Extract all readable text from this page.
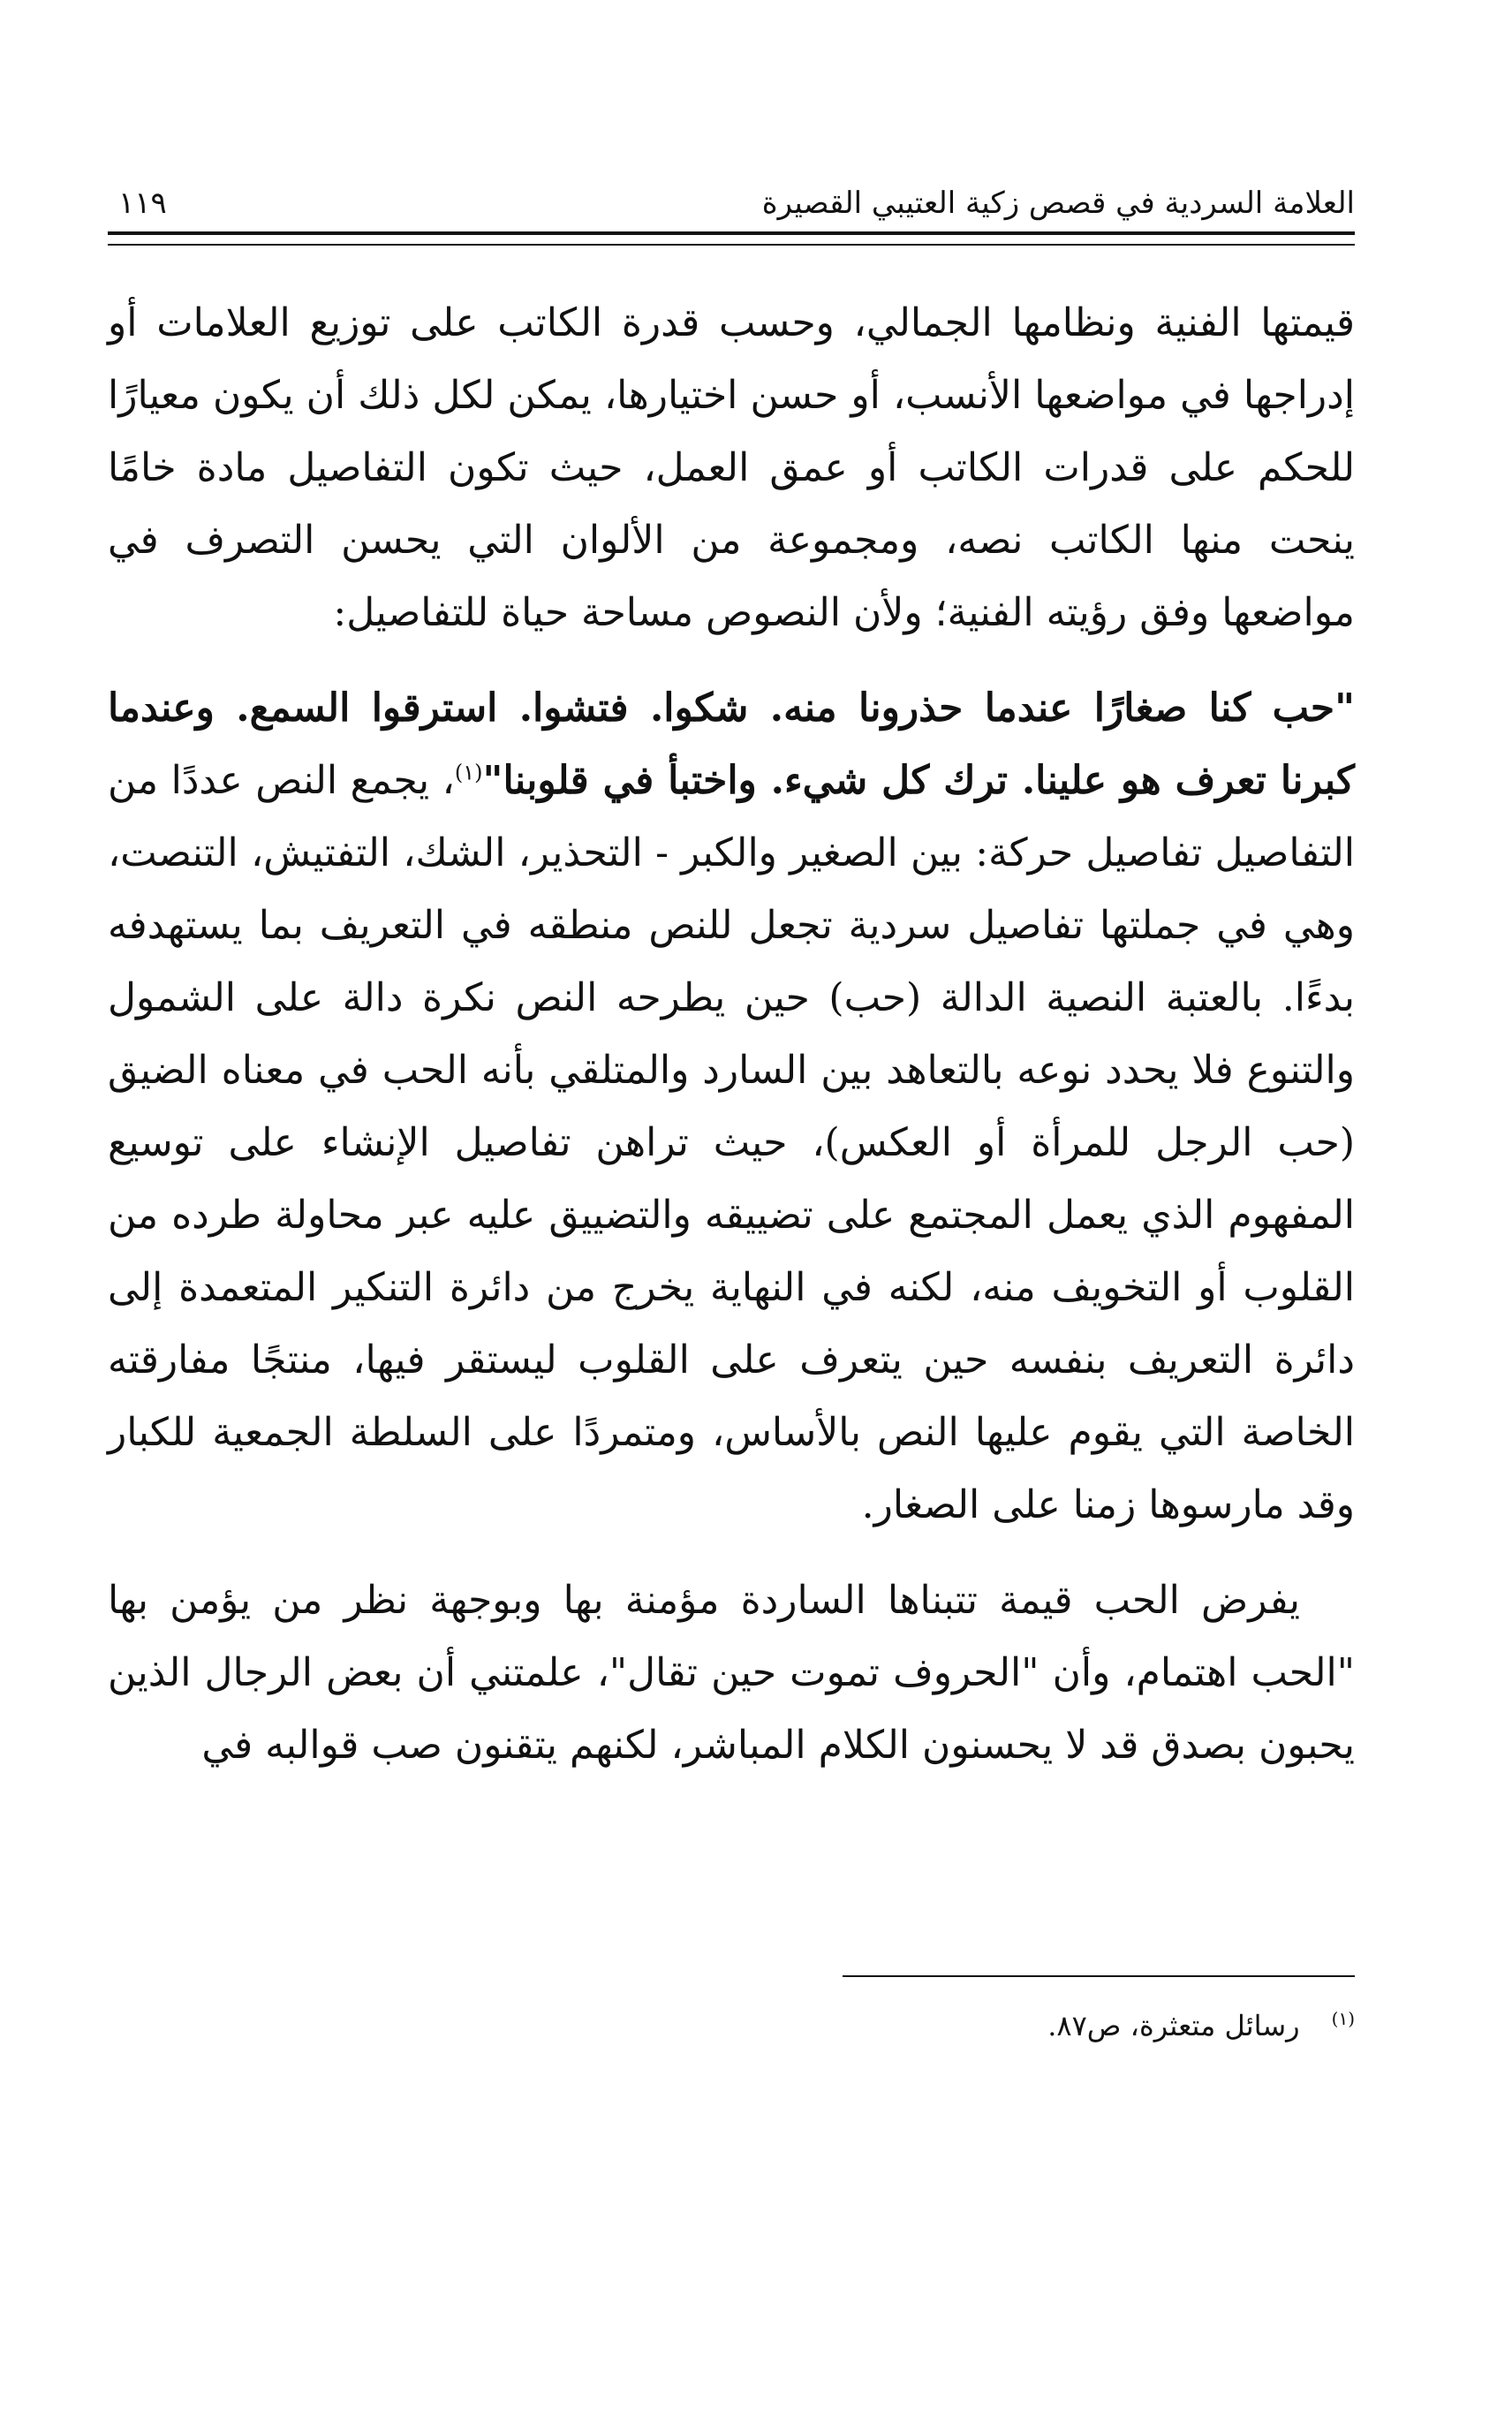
العلامة السردية في قصص زكية العتيبي القصيرة
١١٩

قيمتها الفنية ونظامها الجمالي، وحسب قدرة الكاتب على توزيع العلامات أو إدراجها في مواضعها الأنسب، أو حسن اختيارها، يمكن لكل ذلك أن يكون معيارًا للحكم على قدرات الكاتب أو عمق العمل، حيث تكون التفاصيل مادة خامًا ينحت منها الكاتب نصه، ومجموعة من الألوان التي يحسن التصرف في مواضعها وفق رؤيته الفنية؛ ولأن النصوص مساحة حياة للتفاصيل:

"حب كنا صغارًا عندما حذرونا منه. شكوا. فتشوا. استرقوا السمع. وعندما كبرنا تعرف هو علينا. ترك كل شيء. واختبأ في قلوبنا"$^{(١)}$، يجمع النص عددًا من التفاصيل تفاصيل حركة: بين الصغير والكبر - التحذير، الشك، التفتيش، التنصت، وهي في جملتها تفاصيل سردية تجعل للنص منطقه في التعريف بما يستهدفه بدءًا. بالعتبة النصية الدالة (حب) حين يطرحه النص نكرة دالة على الشمول والتنوع فلا يحدد نوعه بالتعاهد بين السارد والمتلقي بأنه الحب في معناه الضيق (حب الرجل للمرأة أو العكس)، حيث تراهن تفاصيل الإنشاء على توسيع المفهوم الذي يعمل المجتمع على تضييقه والتضييق عليه عبر محاولة طرده من القلوب أو التخويف منه، لكنه في النهاية يخرج من دائرة التنكير المتعمدة إلى دائرة التعريف بنفسه حين يتعرف على القلوب ليستقر فيها، منتجًا مفارقته الخاصة التي يقوم عليها النص بالأساس، ومتمردًا على السلطة الجمعية للكبار وقد مارسوها زمنا على الصغار.

يفرض الحب قيمة تتبناها الساردة مؤمنة بها وبوجهة نظر من يؤمن بها "الحب اهتمام، وأن "الحروف تموت حين تقال"، علمتني أن بعض الرجال الذين يحبون بصدق قد لا يحسنون الكلام المباشر، لكنهم يتقنون صب قوالبه في

$^{(١)}$رسائل متعثرة، ص٨٧.
